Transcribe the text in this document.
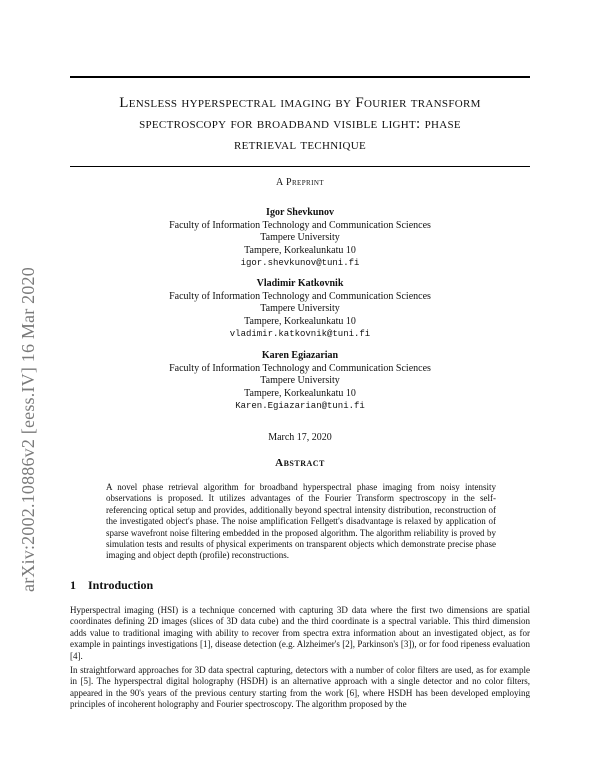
arXiv:2002.10886v2 [eess.IV] 16 Mar 2020
Lensless hyperspectral imaging by Fourier transform
spectroscopy for broadband visible light: phase
retrieval technique
A Preprint
Igor Shevkunov
Faculty of Information Technology and Communication Sciences
Tampere University
Tampere, Korkealunkatu 10
igor.shevkunov@tuni.fi
Vladimir Katkovnik
Faculty of Information Technology and Communication Sciences
Tampere University
Tampere, Korkealunkatu 10
vladimir.katkovnik@tuni.fi
Karen Egiazarian
Faculty of Information Technology and Communication Sciences
Tampere University
Tampere, Korkealunkatu 10
Karen.Egiazarian@tuni.fi
March 17, 2020
Abstract
A novel phase retrieval algorithm for broadband hyperspectral phase imaging from noisy intensity observations is proposed. It utilizes advantages of the Fourier Transform spectroscopy in the self-referencing optical setup and provides, additionally beyond spectral intensity distribution, reconstruction of the investigated object's phase. The noise amplification Fellgett's disadvantage is relaxed by application of sparse wavefront noise filtering embedded in the proposed algorithm. The algorithm reliability is proved by simulation tests and results of physical experiments on transparent objects which demonstrate precise phase imaging and object depth (profile) reconstructions.
1 Introduction
Hyperspectral imaging (HSI) is a technique concerned with capturing 3D data where the first two dimensions are spatial coordinates defining 2D images (slices of 3D data cube) and the third coordinate is a spectral variable. This third dimension adds value to traditional imaging with ability to recover from spectra extra information about an investigated object, as for example in paintings investigations [1], disease detection (e.g. Alzheimer's [2], Parkinson's [3]), or for food ripeness evaluation [4].
In straightforward approaches for 3D data spectral capturing, detectors with a number of color filters are used, as for example in [5]. The hyperspectral digital holography (HSDH) is an alternative approach with a single detector and no color filters, appeared in the 90's years of the previous century starting from the work [6], where HSDH has been developed employing principles of incoherent holography and Fourier spectroscopy. The algorithm proposed by the
